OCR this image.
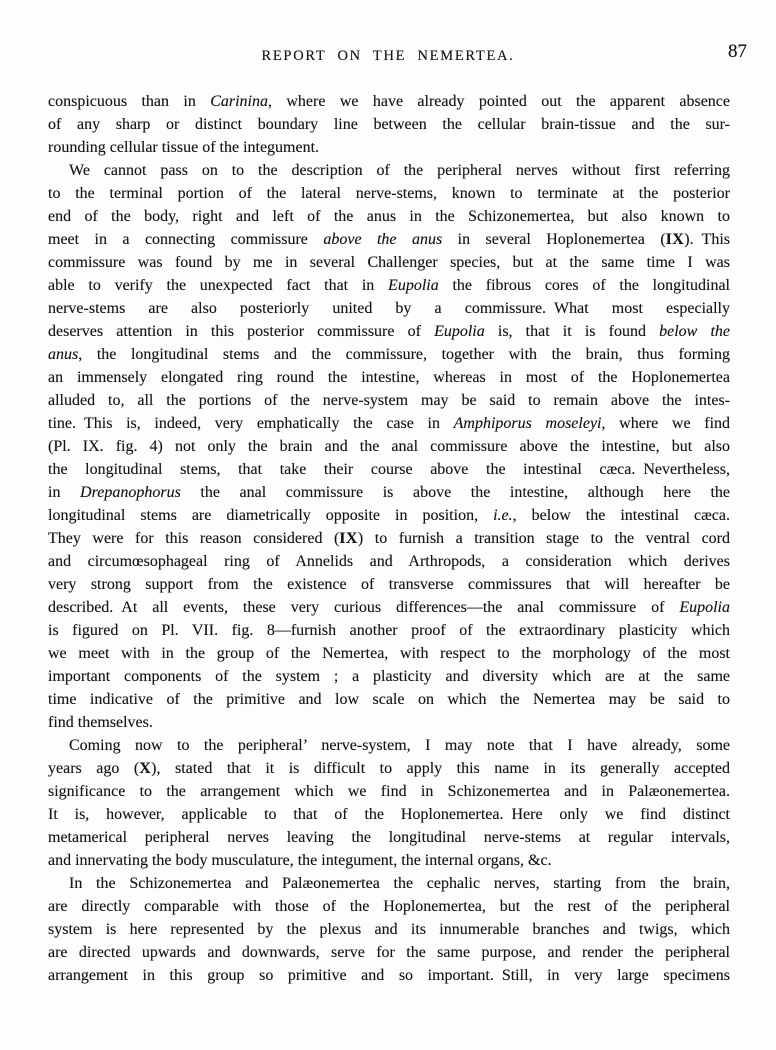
REPORT ON THE NEMERTEA.	87
conspicuous than in Carinina, where we have already pointed out the apparent absence
of any sharp or distinct boundary line between the cellular brain-tissue and the sur-
rounding cellular tissue of the integument.
We cannot pass on to the description of the peripheral nerves without first referring
to the terminal portion of the lateral nerve-stems, known to terminate at the posterior
end of the body, right and left of the anus in the Schizonemertea, but also known to
meet in a connecting commissure above the anus in several Hoplonemertea (IX). This
commissure was found by me in several Challenger species, but at the same time I was
able to verify the unexpected fact that in Eupolia the fibrous cores of the longitudinal
nerve-stems are also posteriorly united by a commissure. What most especially
deserves attention in this posterior commissure of Eupolia is, that it is found below the
anus, the longitudinal stems and the commissure, together with the brain, thus forming
an immensely elongated ring round the intestine, whereas in most of the Hoplonemertea
alluded to, all the portions of the nerve-system may be said to remain above the intes-
tine. This is, indeed, very emphatically the case in Amphiporus moseleyi, where we find
(Pl. IX. fig. 4) not only the brain and the anal commissure above the intestine, but also
the longitudinal stems, that take their course above the intestinal cæca. Nevertheless,
in Drepanophorus the anal commissure is above the intestine, although here the
longitudinal stems are diametrically opposite in position, i.e., below the intestinal cæca.
They were for this reason considered (IX) to furnish a transition stage to the ventral cord
and circumœsophageal ring of Annelids and Arthropods, a consideration which derives
very strong support from the existence of transverse commissures that will hereafter be
described. At all events, these very curious differences—the anal commissure of Eupolia
is figured on Pl. VII. fig. 8—furnish another proof of the extraordinary plasticity which
we meet with in the group of the Nemertea, with respect to the morphology of the most
important components of the system ; a plasticity and diversity which are at the same
time indicative of the primitive and low scale on which the Nemertea may be said to
find themselves.
Coming now to the peripheral’ nerve-system, I may note that I have already, some
years ago (X), stated that it is difficult to apply this name in its generally accepted
significance to the arrangement which we find in Schizonemertea and in Palæonemertea.
It is, however, applicable to that of the Hoplonemertea. Here only we find distinct
metamerical peripheral nerves leaving the longitudinal nerve-stems at regular intervals,
and innervating the body musculature, the integument, the internal organs, &c.
In the Schizonemertea and Palæonemertea the cephalic nerves, starting from the brain,
are directly comparable with those of the Hoplonemertea, but the rest of the peripheral
system is here represented by the plexus and its innumerable branches and twigs, which
are directed upwards and downwards, serve for the same purpose, and render the peripheral
arrangement in this group so primitive and so important. Still, in very large specimens
